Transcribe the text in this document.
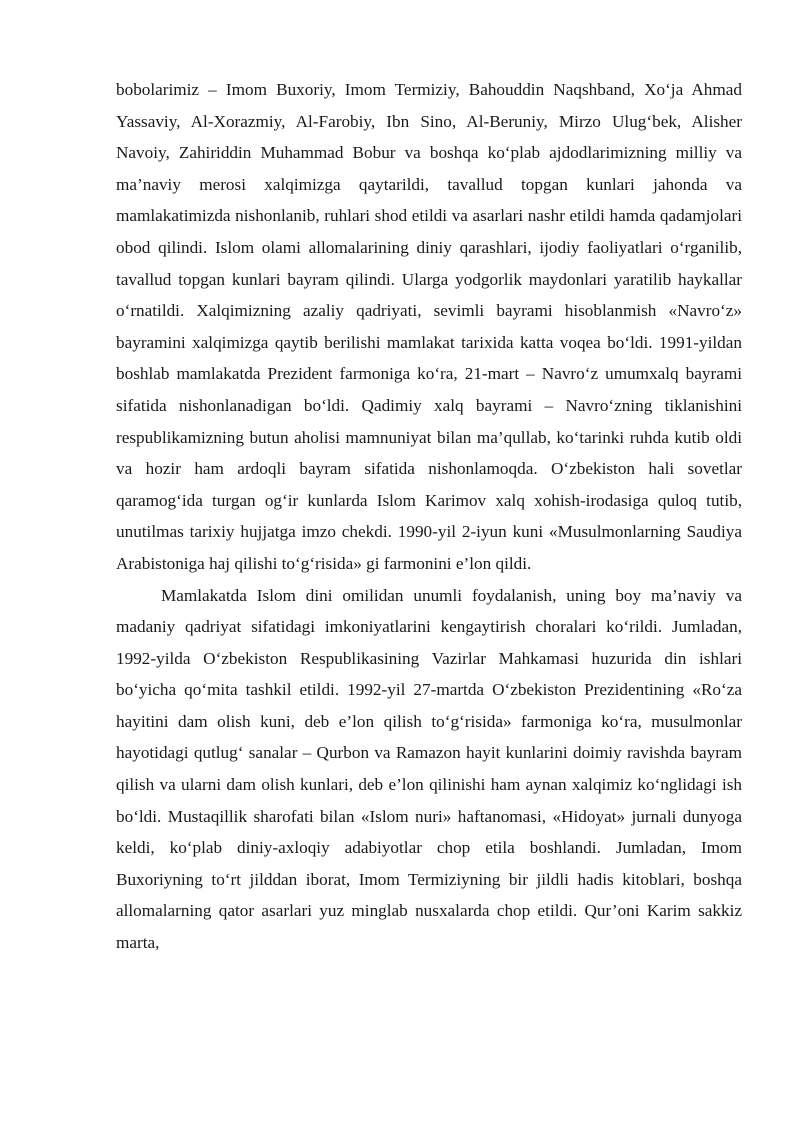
bobolarimiz – Imom Buxoriy, Imom Termiziy, Bahouddin Naqshband, Xo‘ja Ahmad Yassaviy, Al-Xorazmiy, Al-Farobiy, Ibn Sino, Al-Beruniy, Mirzo Ulug‘bek, Alisher Navoiy, Zahiriddin Muhammad Bobur va boshqa ko‘plab ajdodlarimizning milliy va ma’naviy merosi xalqimizga qaytarildi, tavallud topgan kunlari jahonda va mamlakatimizda nishonlanib, ruhlari shod etildi va asarlari nashr etildi hamda qadamjolari obod qilindi. Islom olami allomalarining diniy qarashlari, ijodiy faoliyatlari o‘rganilib, tavallud topgan kunlari bayram qilindi. Ularga yodgorlik maydonlari yaratilib haykallar o‘rnatildi. Xalqimizning azaliy qadriyati, sevimli bayrami hisoblanmish «Navro‘z» bayramini xalqimizga qaytib berilishi mamlakat tarixida katta voqea bo‘ldi. 1991-yildan boshlab mamlakatda Prezident farmoniga ko‘ra, 21-mart – Navro‘z umumxalq bayrami sifatida nishonlanadigan bo‘ldi. Qadimiy xalq bayrami – Navro‘zning tiklanishini respublikamizning butun aholisi mamnuniyat bilan ma’qullab, ko‘tarinki ruhda kutib oldi va hozir ham ardoqli bayram sifatida nishonlamoqda. O‘zbekiston hali sovetlar qaramog‘ida turgan og‘ir kunlarda Islom Karimov xalq xohish-irodasiga quloq tutib, unutilmas tarixiy hujjatga imzo chekdi. 1990-yil 2-iyun kuni «Musulmonlarning Saudiya Arabistoniga haj qilishi to‘g‘risida» gi farmonini e’lon qildi.

Mamlakatda Islom dini omilidan unumli foydalanish, uning boy ma’naviy va madaniy qadriyat sifatidagi imkoniyatlarini kengaytirish choralari ko‘rildi. Jumladan, 1992-yilda O‘zbekiston Respublikasining Vazirlar Mahkamasi huzurida din ishlari bo‘yicha qo‘mita tashkil etildi. 1992-yil 27-martda O‘zbekiston Prezidentining «Ro‘za hayitini dam olish kuni, deb e’lon qilish to‘g‘risida» farmoniga ko‘ra, musulmonlar hayotidagi qutlug‘ sanalar – Qurbon va Ramazon hayit kunlarini doimiy ravishda bayram qilish va ularni dam olish kunlari, deb e’lon qilinishi ham aynan xalqimiz ko‘nglidagi ish bo‘ldi. Mustaqillik sharofati bilan «Islom nuri» haftanomasi, «Hidoyat» jurnali dunyoga keldi, ko‘plab diniy-axloqiy adabiyotlar chop etila boshlandi. Jumladan, Imom Buxoriyning to‘rt jilddan iborat, Imom Termiziyning bir jildli hadis kitoblari, boshqa allomalarning qator asarlari yuz minglab nusxalarda chop etildi. Qur’oni Karim sakkiz marta,
